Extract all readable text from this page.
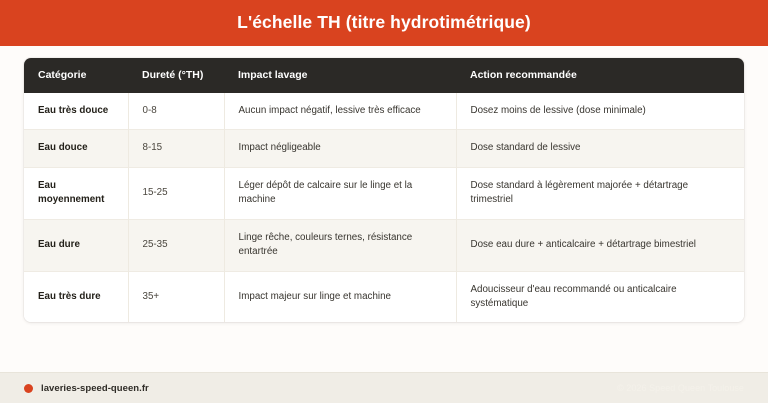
L'échelle TH (titre hydrotimétrique)
Catégorie	Dureté (°TH)	Impact lavage	Action recommandée
Eau très douce	0-8	Aucun impact négatif, lessive très efficace	Dosez moins de lessive (dose minimale)
Eau douce	8-15	Impact négligeable	Dose standard de lessive
Eau moyennement	15-25	Léger dépôt de calcaire sur le linge et la machine	Dose standard à légèrement majorée + détartrage trimestriel
Eau dure	25-35	Linge rêche, couleurs ternes, résistance entartrée	Dose eau dure + anticalcaire + détartrage bimestriel
Eau très dure	35+	Impact majeur sur linge et machine	Adoucisseur d'eau recommandé ou anticalcaire systématique
laveries-speed-queen.fr	© 2026 Speed Queen Toulouse
